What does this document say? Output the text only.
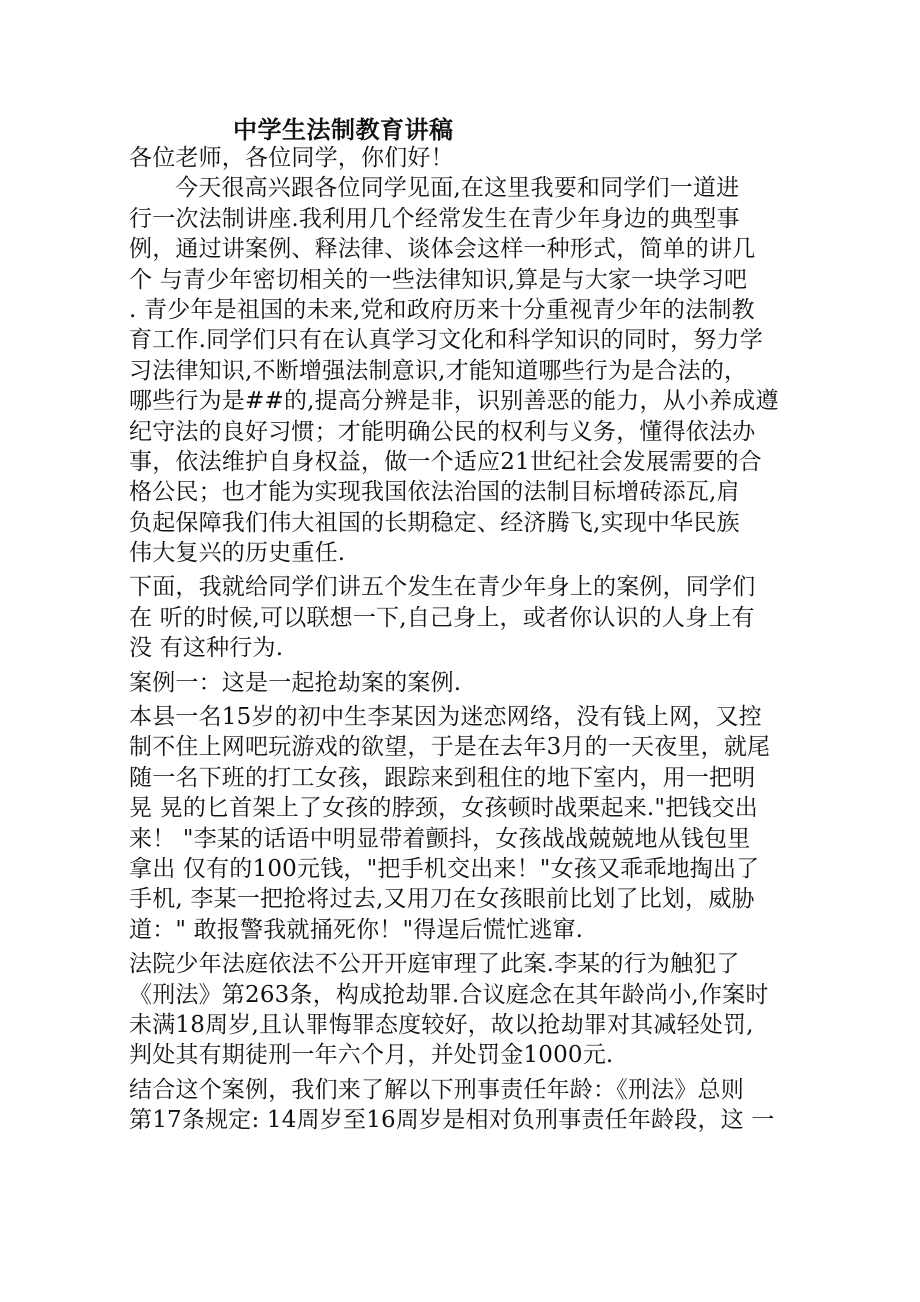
中学生法制教育讲稿
各位老师，各位同学，你们好！
今天很高兴跟各位同学见面,在这里我要和同学们一道进
行一次法制讲座.我利用几个经常发生在青少年身边的典型事
例，通过讲案例、释法律、谈体会这样一种形式，简单的讲几
个 与青少年密切相关的一些法律知识,算是与大家一块学习吧
. 青少年是祖国的未来,党和政府历来十分重视青少年的法制教
育工作.同学们只有在认真学习文化和科学知识的同时，努力学
习法律知识,不断增强法制意识,才能知道哪些行为是合法的，
哪些行为是##的,提高分辨是非，识别善恶的能力，从小养成遵
纪守法的良好习惯；才能明确公民的权利与义务，懂得依法办
事，依法维护自身权益，做一个适应21世纪社会发展需要的合
格公民；也才能为实现我国依法治国的法制目标增砖添瓦,肩
负起保障我们伟大祖国的长期稳定、经济腾飞,实现中华民族
伟大复兴的历史重任.
下面，我就给同学们讲五个发生在青少年身上的案例，同学们
在 听的时候,可以联想一下,自己身上，或者你认识的人身上有
没 有这种行为.
案例一：这是一起抢劫案的案例.
本县一名15岁的初中生李某因为迷恋网络，没有钱上网，又控
制不住上网吧玩游戏的欲望，于是在去年3月的一天夜里，就尾
随一名下班的打工女孩，跟踪来到租住的地下室内，用一把明
晃 晃的匕首架上了女孩的脖颈，女孩顿时战栗起来."把钱交出
来！ "李某的话语中明显带着颤抖，女孩战战兢兢地从钱包里
拿出 仅有的100元钱，"把手机交出来！"女孩又乖乖地掏出了
手机, 李某一把抢将过去,又用刀在女孩眼前比划了比划，威胁
道：" 敢报警我就捅死你！"得逞后慌忙逃窜.
法院少年法庭依法不公开开庭审理了此案.李某的行为触犯了
《刑法》第263条，构成抢劫罪.合议庭念在其年龄尚小,作案时
未满18周岁,且认罪悔罪态度较好，故以抢劫罪对其减轻处罚,
判处其有期徒刑一年六个月，并处罚金1000元.
结合这个案例，我们来了解以下刑事责任年龄：《刑法》总则
第17条规定: 14周岁至16周岁是相对负刑事责任年龄段，这 一
